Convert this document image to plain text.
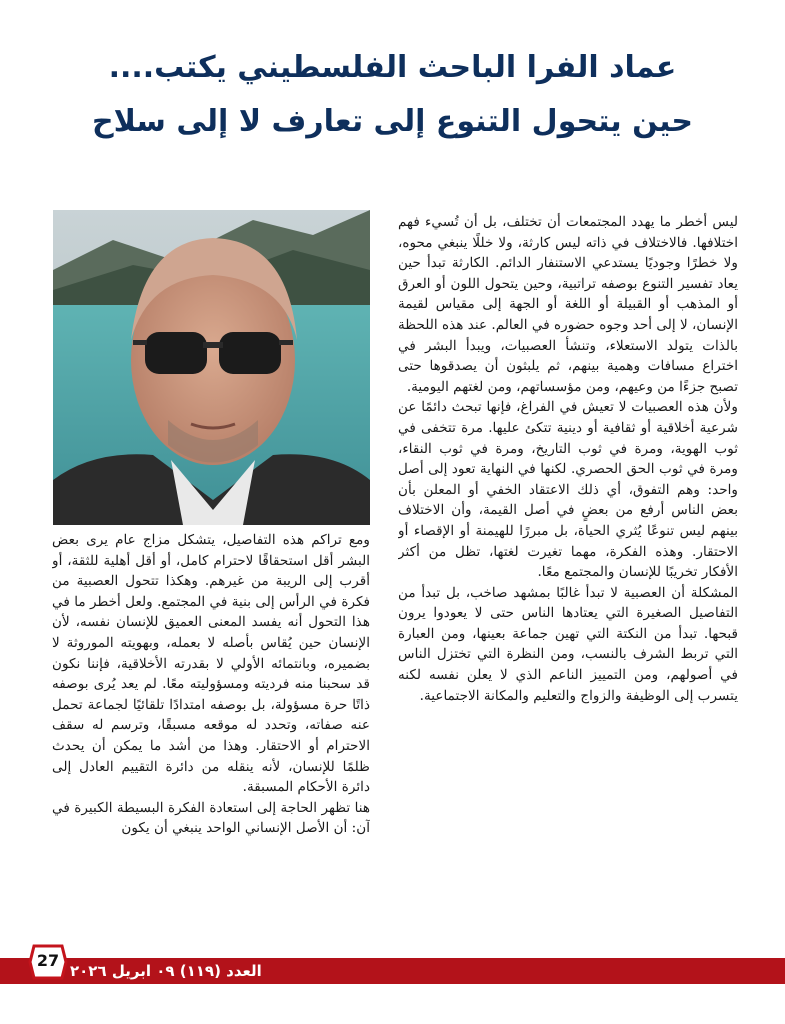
عماد الفرا الباحث الفلسطيني يكتب....
حين يتحول التنوع إلى تعارف لا إلى سلاح

ليس أخطر ما يهدد المجتمعات أن تختلف، بل أن تُسيء فهم اختلافها. فالاختلاف في ذاته ليس كارثة، ولا خللًا ينبغي محوه، ولا خطرًا وجوديًا يستدعي الاستنفار الدائم. الكارثة تبدأ حين يعاد تفسير التنوع بوصفه تراتبية، وحين يتحول اللون أو العرق أو المذهب أو القبيلة أو اللغة أو الجهة إلى مقياس لقيمة الإنسان، لا إلى أحد وجوه حضوره في العالم. عند هذه اللحظة بالذات يتولد الاستعلاء، وتنشأ العصبيات، ويبدأ البشر في اختراع مسافات وهمية بينهم، ثم يلبثون أن يصدقوها حتى تصبح جزءًا من وعيهم، ومن مؤسساتهم، ومن لغتهم اليومية.

ولأن هذه العصبيات لا تعيش في الفراغ، فإنها تبحث دائمًا عن شرعية أخلاقية أو ثقافية أو دينية تتكئ عليها. مرة تتخفى في ثوب الهوية، ومرة في ثوب التاريخ، ومرة في ثوب النقاء، ومرة في ثوب الحق الحصري. لكنها في النهاية تعود إلى أصل واحد: وهم التفوق، أي ذلك الاعتقاد الخفي أو المعلن بأن بعض الناس أرفع من بعضٍ في أصل القيمة، وأن الاختلاف بينهم ليس تنوعًا يُثري الحياة، بل مبررًا للهيمنة أو الإقصاء أو الاحتقار. وهذه الفكرة، مهما تغيرت لغتها، تظل من أكثر الأفكار تخريبًا للإنسان والمجتمع معًا.

المشكلة أن العصبية لا تبدأ غالبًا بمشهد صاخب، بل تبدأ من التفاصيل الصغيرة التي يعتادها الناس حتى لا يعودوا يرون قبحها. تبدأ من النكتة التي تهين جماعة بعينها، ومن العبارة التي تربط الشرف بالنسب، ومن النظرة التي تختزل الناس في أصولهم، ومن التمييز الناعم الذي لا يعلن نفسه لكنه يتسرب إلى الوظيفة والزواج والتعليم والمكانة الاجتماعية.

ومع تراكم هذه التفاصيل، يتشكل مزاج عام يرى بعض البشر أقل استحقاقًا لاحترام كامل، أو أقل أهلية للثقة، أو أقرب إلى الريبة من غيرهم. وهكذا تتحول العصبية من فكرة في الرأس إلى بنية في المجتمع. ولعل أخطر ما في هذا التحول أنه يفسد المعنى العميق للإنسان نفسه، لأن الإنسان حين يُقاس بأصله لا بعمله، وبهويته الموروثة لا بضميره، وبانتمائه الأولي لا بقدرته الأخلاقية، فإننا نكون قد سحبنا منه فرديته ومسؤوليته معًا. لم يعد يُرى بوصفه ذاتًا حرة مسؤولة، بل بوصفه امتدادًا تلقائيًا لجماعة تحمل عنه صفاته، وتحدد له موقعه مسبقًا، وترسم له سقف الاحترام أو الاحتقار. وهذا من أشد ما يمكن أن يحدث ظلمًا للإنسان، لأنه ينقله من دائرة التقييم العادل إلى دائرة الأحكام المسبقة.

هنا تظهر الحاجة إلى استعادة الفكرة البسيطة الكبيرة في آن: أن الأصل الإنساني الواحد ينبغي أن يكون

العدد (١١٩) ٠٩ ابريل ٢٠٢٦
27
